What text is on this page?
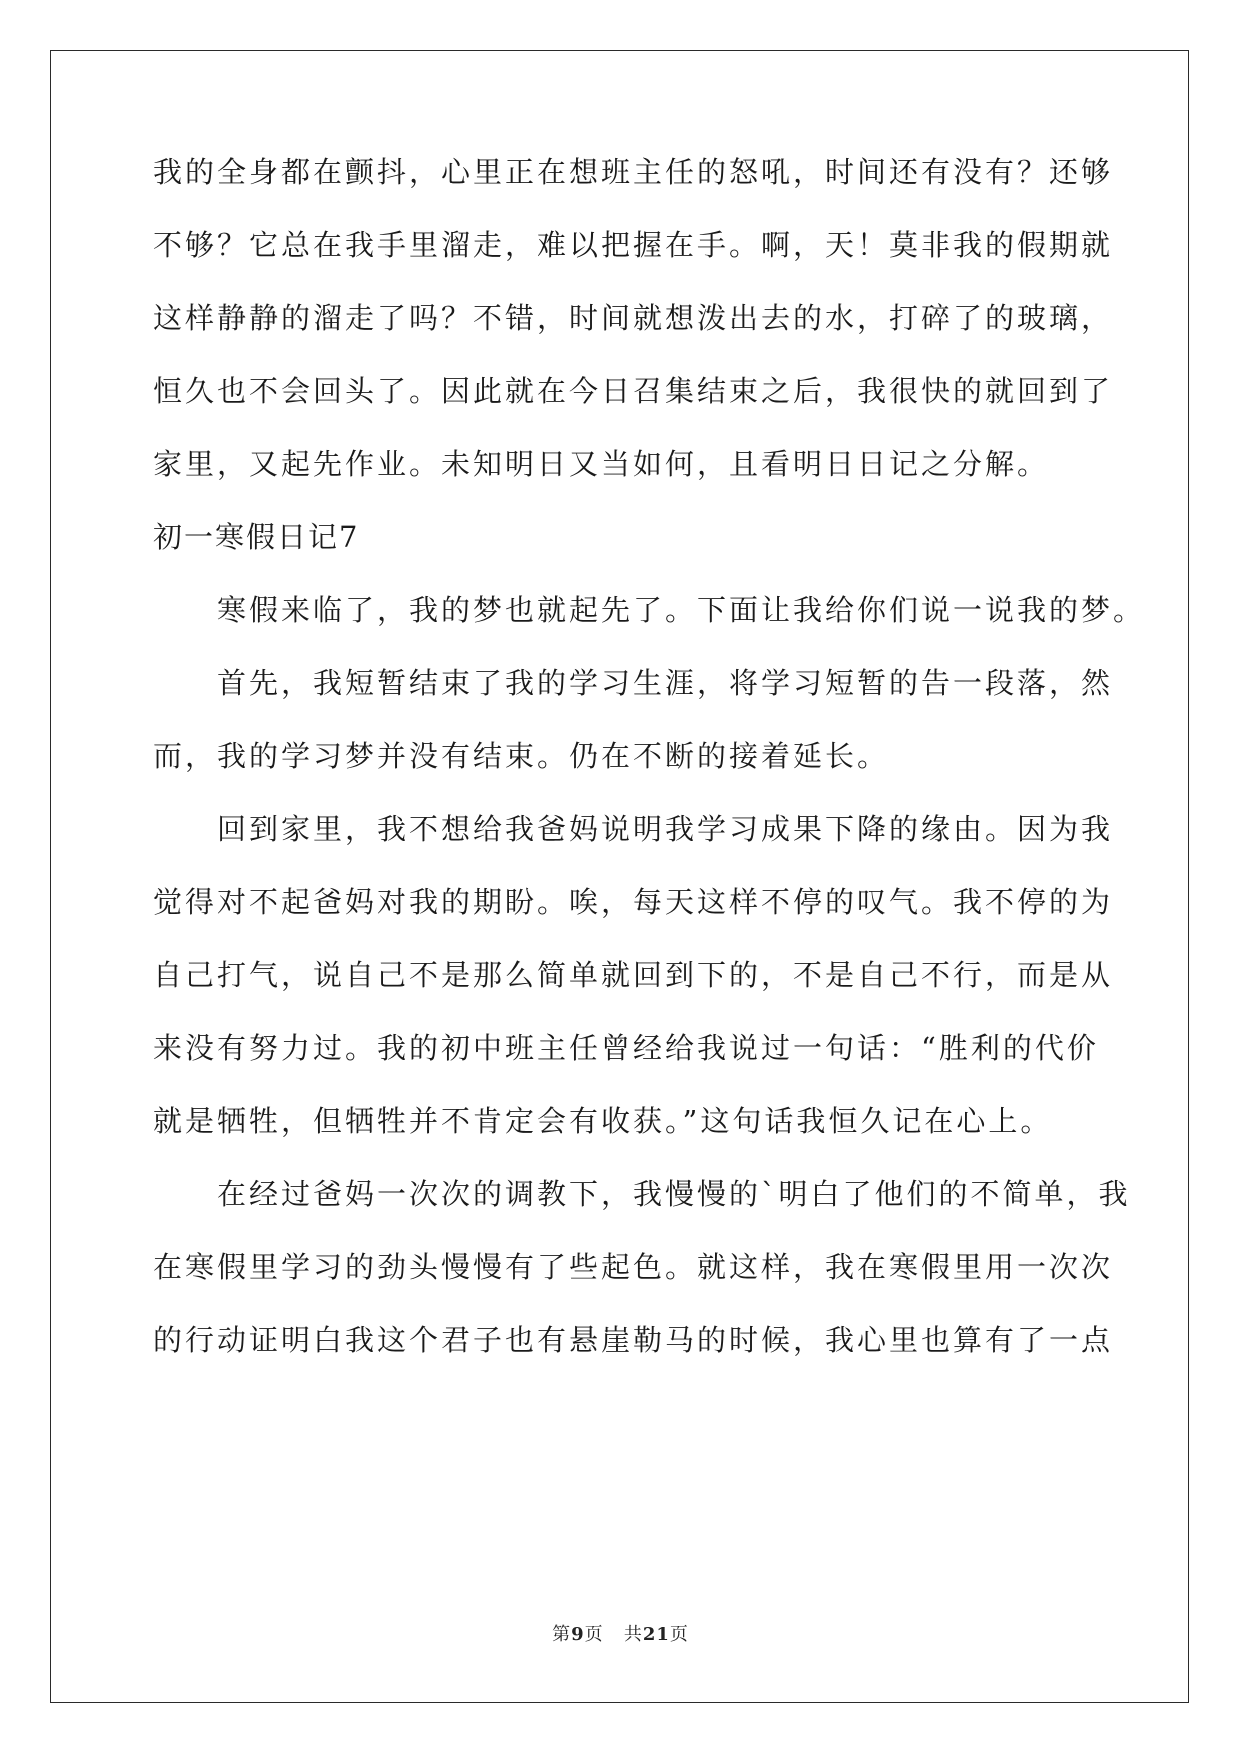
我的全身都在颤抖，心里正在想班主任的怒吼，时间还有没有？还够
不够？它总在我手里溜走，难以把握在手。啊，天！莫非我的假期就
这样静静的溜走了吗？不错，时间就想泼出去的水，打碎了的玻璃，
恒久也不会回头了。因此就在今日召集结束之后，我很快的就回到了
家里，又起先作业。未知明日又当如何，且看明日日记之分解。
初一寒假日记7
寒假来临了，我的梦也就起先了。下面让我给你们说一说我的梦。
首先，我短暂结束了我的学习生涯，将学习短暂的告一段落，然
而，我的学习梦并没有结束。仍在不断的接着延长。
回到家里，我不想给我爸妈说明我学习成果下降的缘由。因为我
觉得对不起爸妈对我的期盼。唉，每天这样不停的叹气。我不停的为
自己打气，说自己不是那么简单就回到下的，不是自己不行，而是从
来没有努力过。我的初中班主任曾经给我说过一句话：“胜利的代价
就是牺牲，但牺牲并不肯定会有收获。”这句话我恒久记在心上。
在经过爸妈一次次的调教下，我慢慢的`明白了他们的不简单，我
在寒假里学习的劲头慢慢有了些起色。就这样，我在寒假里用一次次
的行动证明白我这个君子也有悬崖勒马的时候，我心里也算有了一点
第9页 共21页
